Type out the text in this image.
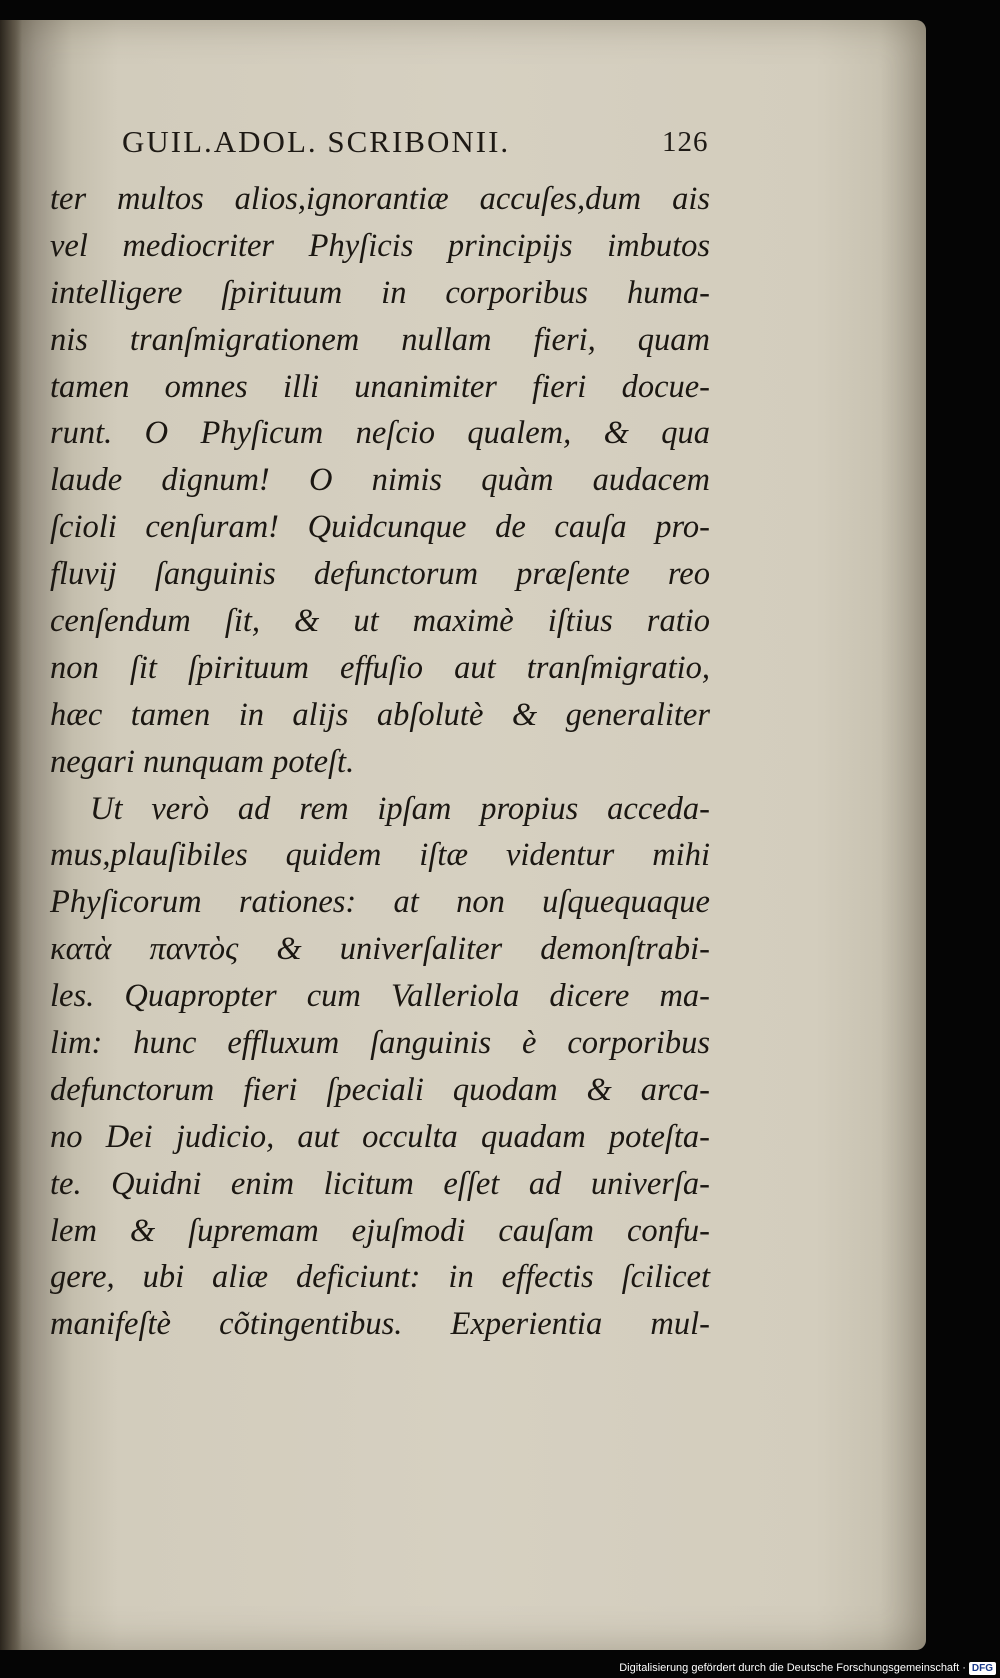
GUIL.ADOL. SCRIBONII.	126
ter multos alios,ignorantiæ accuſes,dum ais
vel mediocriter Phyſicis principijs imbutos
intelligere ſpirituum in corporibus huma-
nis tranſmigrationem nullam fieri, quam
tamen omnes illi unanimiter fieri docue-
runt. O Phyſicum neſcio qualem, & qua
laude dignum! O nimis quàm audacem
ſcioli cenſuram! Quidcunque de cauſa pro-
fluvij ſanguinis defunctorum præſente reo
cenſendum ſit, & ut maximè iſtius ratio
non ſit ſpirituum effuſio aut tranſmigratio,
hæc tamen in alijs abſolutè & generaliter
negari nunquam poteſt.
Ut verò ad rem ipſam propius accedа-
mus,plauſibiles quidem iſtæ videntur mihi
Phyſicorum rationes: at non uſquequaque
κατὰ παντὸς & univerſaliter demonſtrabi-
les. Quapropter cum Valleriola dicere ma-
lim: hunc effluxum ſanguinis è corporibus
defunctorum fieri ſpeciali quodam & arca-
no Dei judicio, aut occulta quadam poteſta-
te. Quidni enim licitum eſſet ad univerſa-
lem & ſupremam ejuſmodi cauſam confu-
gere, ubi aliæ deficiunt: in effectis ſcilicet
manifeſtè cõtingentibus. Experientia mul-
Digitalisierung gefördert durch die Deutsche Forschungsgemeinschaft · DFG
